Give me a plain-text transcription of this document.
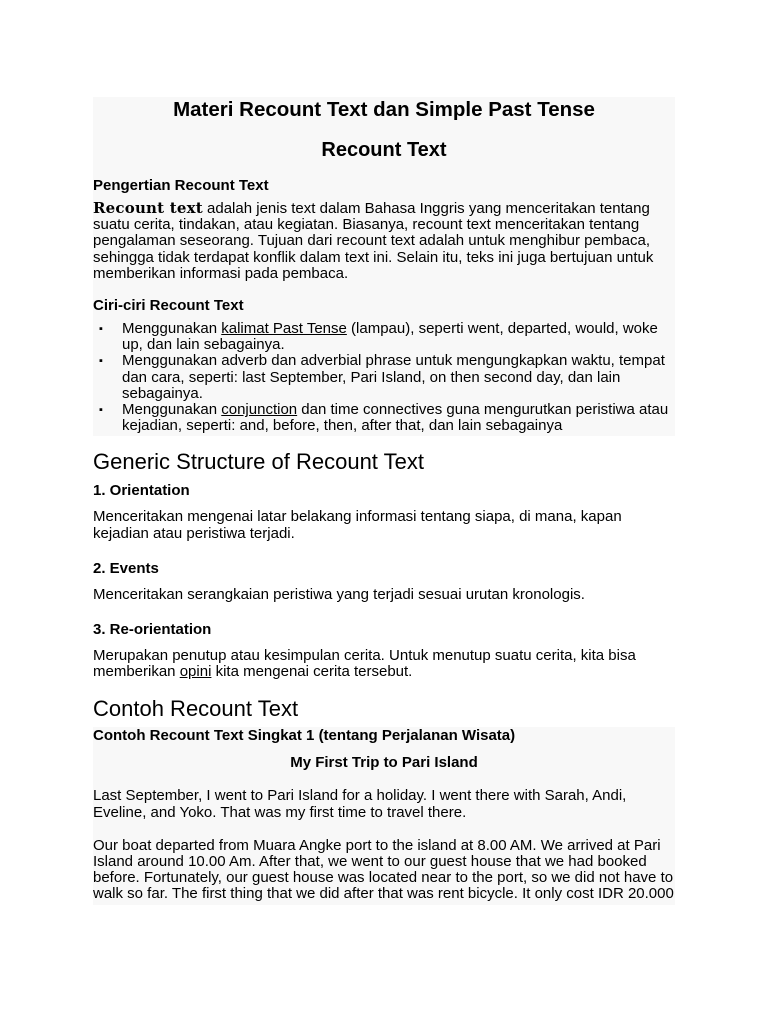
Materi Recount Text dan Simple Past Tense
Recount Text
Pengertian Recount Text

Recount text adalah jenis text dalam Bahasa Inggris yang menceritakan tentang suatu cerita, tindakan, atau kegiatan. Biasanya, recount text menceritakan tentang pengalaman seseorang. Tujuan dari recount text adalah untuk menghibur pembaca, sehingga tidak terdapat konflik dalam text ini. Selain itu, teks ini juga bertujuan untuk memberikan informasi pada pembaca.

Ciri-ciri Recount Text
▪ Menggunakan kalimat Past Tense (lampau), seperti went, departed, would, woke up, dan lain sebagainya.
▪ Menggunakan adverb dan adverbial phrase untuk mengungkapkan waktu, tempat dan cara, seperti: last September, Pari Island, on then second day, dan lain sebagainya.
▪ Menggunakan conjunction dan time connectives guna mengurutkan peristiwa atau kejadian, seperti: and, before, then, after that, dan lain sebagainya
Generic Structure of Recount Text
1. Orientation

Menceritakan mengenai latar belakang informasi tentang siapa, di mana, kapan kejadian atau peristiwa terjadi.

2. Events

Menceritakan serangkaian peristiwa yang terjadi sesuai urutan kronologis.

3. Re-orientation

Merupakan penutup atau kesimpulan cerita. Untuk menutup suatu cerita, kita bisa memberikan opini kita mengenai cerita tersebut.

Contoh Recount Text
Contoh Recount Text Singkat 1 (tentang Perjalanan Wisata)
My First Trip to Pari Island

Last September, I went to Pari Island for a holiday. I went there with Sarah, Andi, Eveline, and Yoko. That was my first time to travel there.

Our boat departed from Muara Angke port to the island at 8.00 AM. We arrived at Pari Island around 10.00 Am. After that, we went to our guest house that we had booked before. Fortunately, our guest house was located near to the port, so we did not have to walk so far. The first thing that we did after that was rent bicycle. It only cost IDR 20.000
